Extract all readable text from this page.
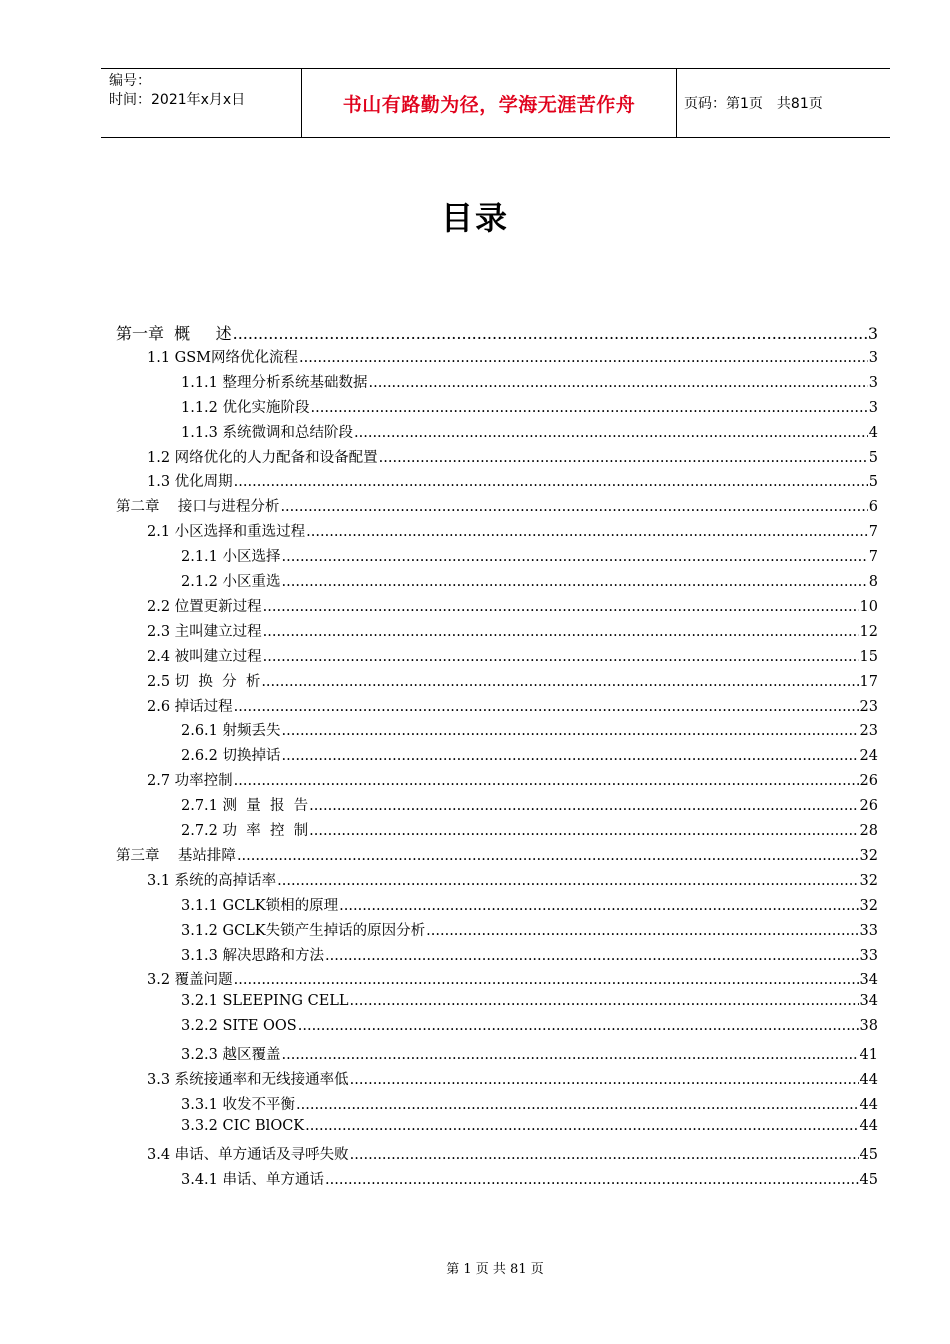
编号：
时间：2021年x月x日	书山有路勤为径，学海无涯苦作舟	页码：第1页 共81页
目录
第一章  概     述 .....	3
1.1 GSM网络优化流程 .....	3
1.1.1 整理分析系统基础数据 .....	3
1.1.2 优化实施阶段 .....	3
1.1.3 系统微调和总结阶段 .....	4
1.2 网络优化的人力配备和设备配置 .....	5
1.3 优化周期 .....	5
第二章    接口与进程分析 .....	6
2.1 小区选择和重选过程 .....	7
2.1.1 小区选择 .....	7
2.1.2 小区重选 .....	8
2.2 位置更新过程 .....	10
2.3 主叫建立过程 .....	12
2.4 被叫建立过程 .....	15
2.5 切  换  分  析 .....	17
2.6 掉话过程 .....	23
2.6.1 射频丢失 .....	23
2.6.2 切换掉话 .....	24
2.7 功率控制 .....	26
2.7.1 测  量  报  告 .....	26
2.7.2 功  率  控  制 .....	28
第三章    基站排障 .....	32
3.1 系统的高掉话率 .....	32
3.1.1 GCLK锁相的原理 .....	32
3.1.2 GCLK失锁产生掉话的原因分析 .....	33
3.1.3 解决思路和方法 .....	33
3.2 覆盖问题 .....	34
3.2.1 SLEEPING CELL .....	34
3.2.2 SITE OOS .....	38
3.2.3 越区覆盖 .....	41
3.3 系统接通率和无线接通率低 .....	44
3.3.1 收发不平衡 .....	44
3.3.2 CIC BlOCK .....	44
3.4 串话、单方通话及寻呼失败 .....	45
3.4.1 串话、单方通话 .....	45
第 1 页 共 81 页
